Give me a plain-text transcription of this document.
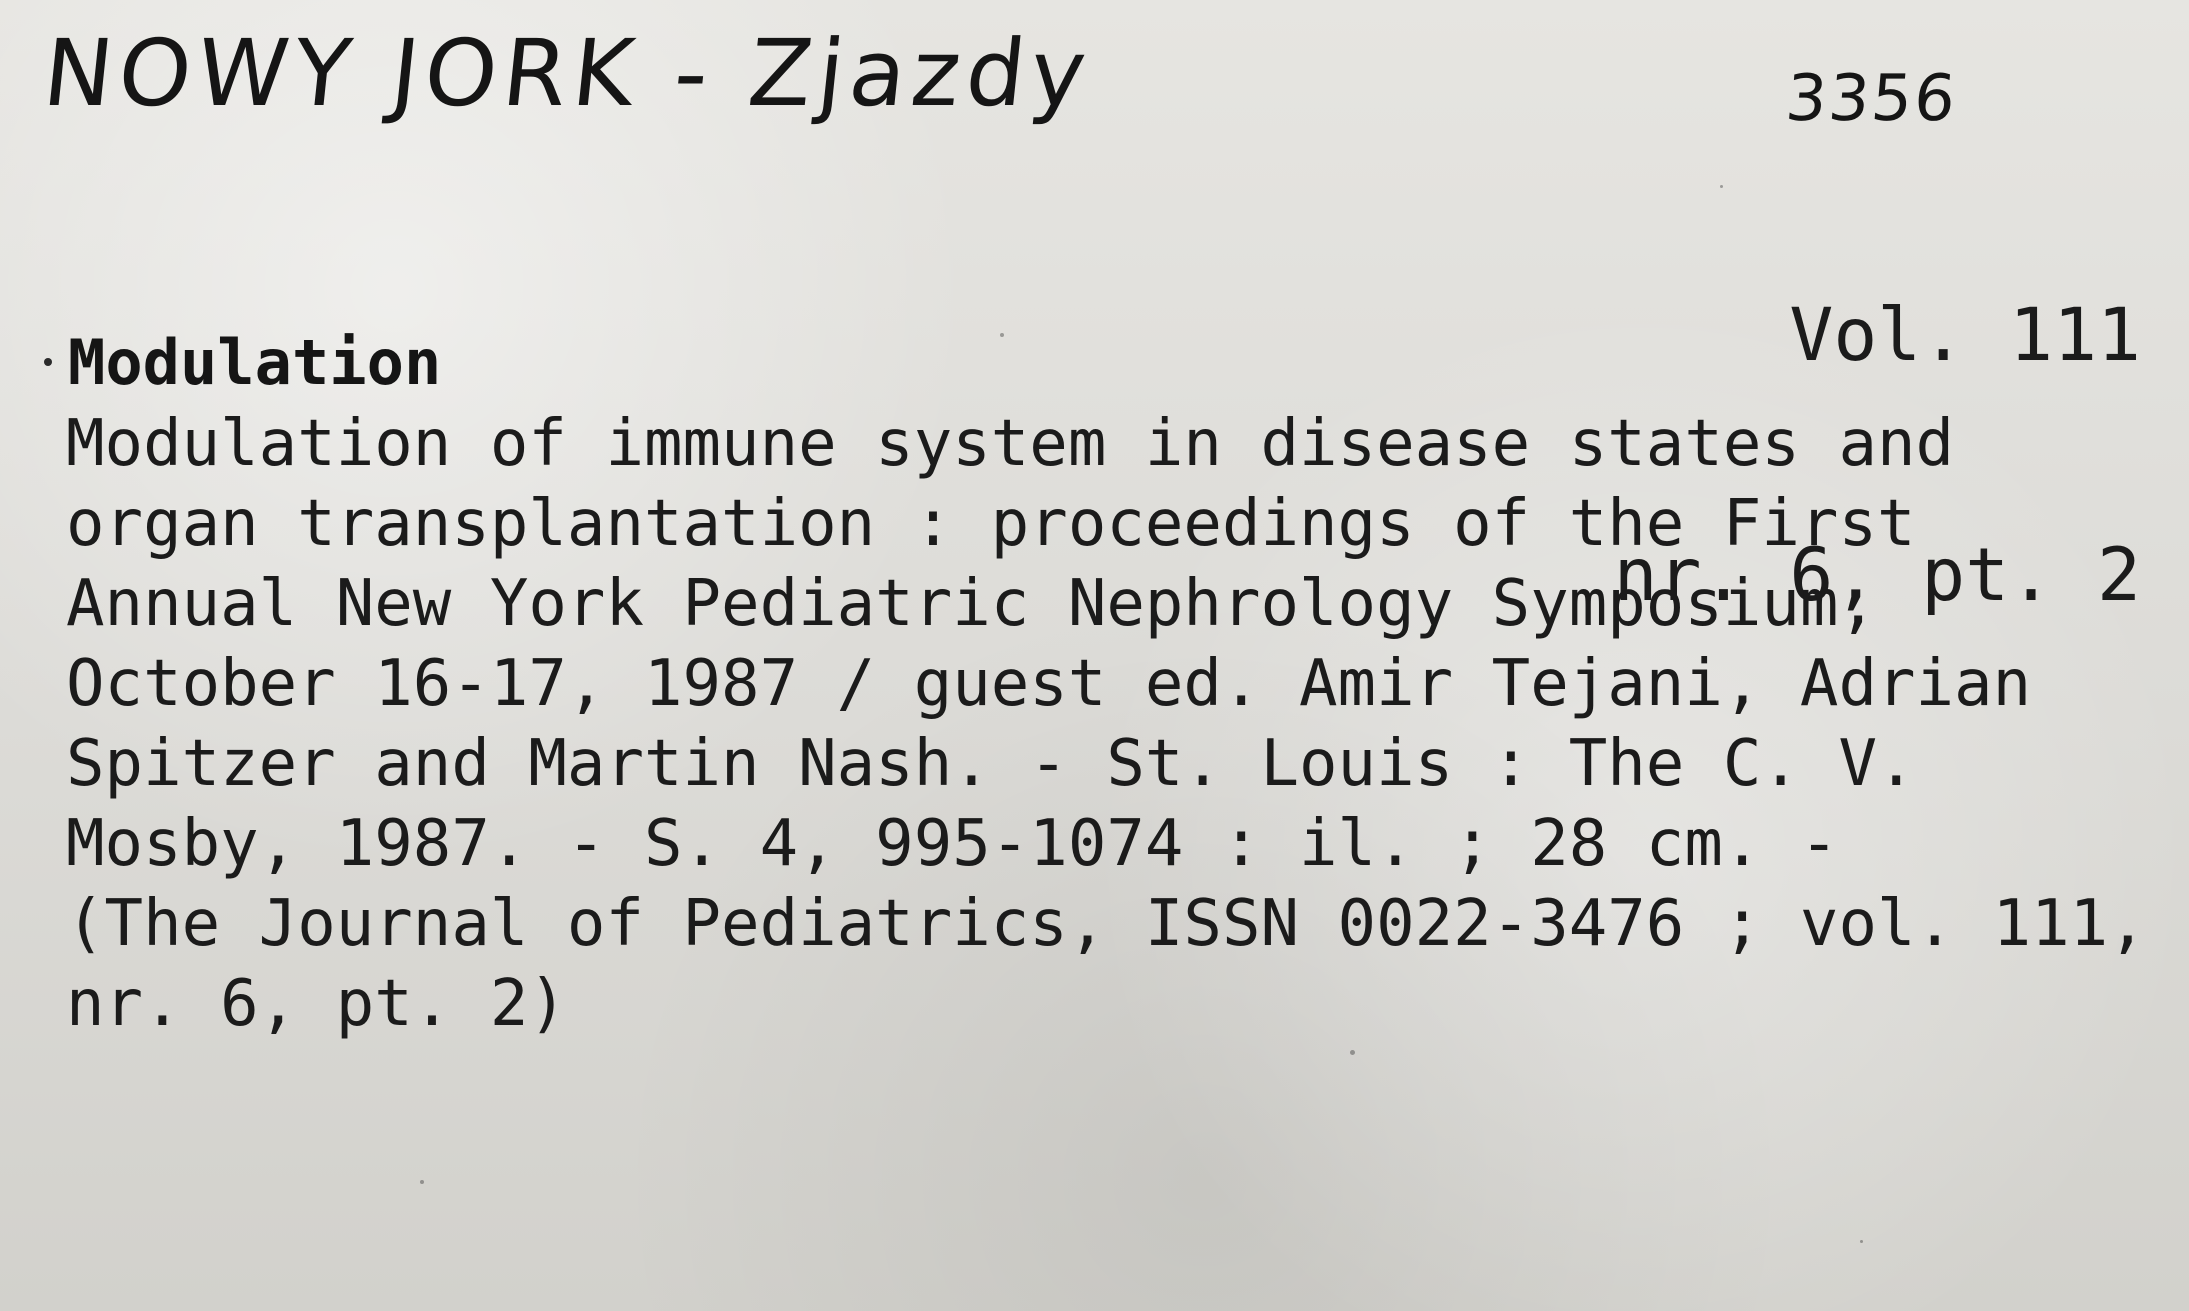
NOWY JORK - Zjazdy	3356

Vol. 111

nr. 6, pt. 2

Modulation
Modulation of immune system in disease states and
organ transplantation : proceedings of the First
Annual New York Pediatric Nephrology Symposium,
October 16-17, 1987 / guest ed. Amir Tejani, Adrian
Spitzer and Martin Nash. - St. Louis : The C. V.
Mosby, 1987. - S. 4, 995-1074 : il. ; 28 cm. -
(The Journal of Pediatrics, ISSN 0022-3476 ; vol. 111,
nr. 6, pt. 2)
